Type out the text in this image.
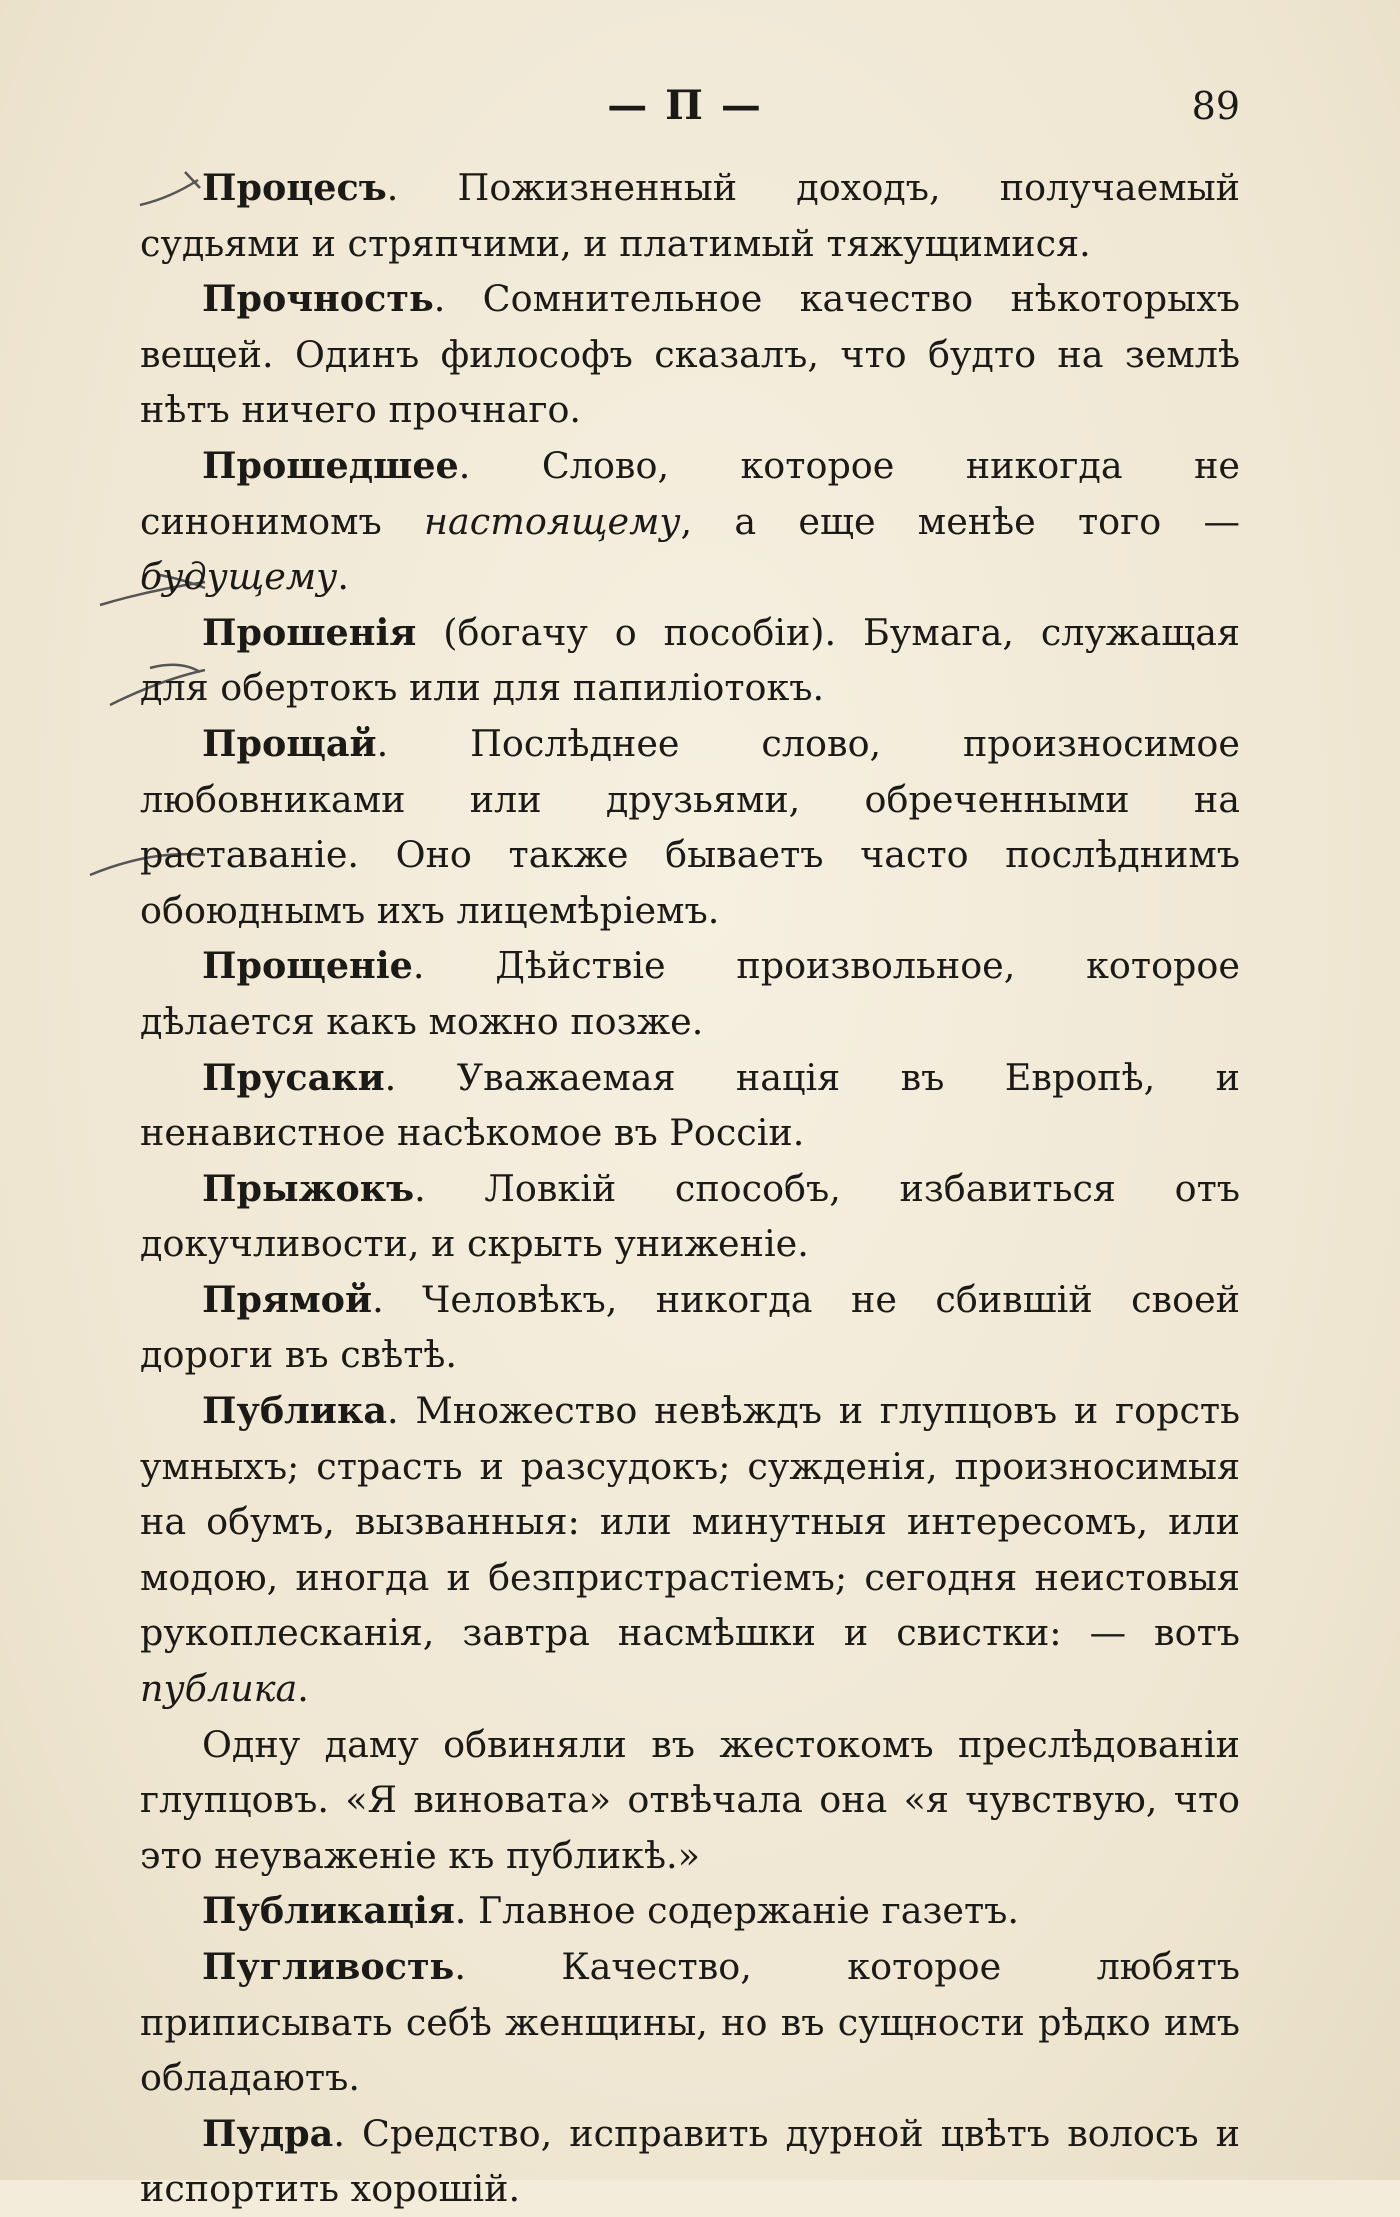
— П —	89

Процесъ. Пожизненный доходъ, получаемый судьями и стряпчими, и платимый тяжущимися.

Прочность. Сомнительное качество нѣкоторыхъ вещей. Одинъ философъ сказалъ, что будто на землѣ нѣтъ ничего прочнаго.

Прошедшее. Слово, которое никогда не синонимомъ настоящему, а еще менѣе того — будущему.

Прошенія (богачу о пособіи). Бумага, служащая для обертокъ или для папиліотокъ.

Прощай. Послѣднее слово, произносимое любовниками или друзьями, обреченными на раставаніе. Оно также бываетъ часто послѣднимъ обоюднымъ ихъ лицемѣріемъ.

Прощеніе. Дѣйствіе произвольное, которое дѣлается какъ можно позже.

Прусаки. Уважаемая нація въ Европѣ, и ненавистное насѣкомое въ Россіи.

Прыжокъ. Ловкій способъ, избавиться отъ докучливости, и скрыть униженіе.

Прямой. Человѣкъ, никогда не сбившій своей дороги въ свѣтѣ.

Публика. Множество невѣждъ и глупцовъ и горсть умныхъ; страсть и разсудокъ; сужденія, произносимыя на обумъ, вызванныя: или минутныя интересомъ, или модою, иногда и безпристрастіемъ; сегодня неистовыя рукоплесканія, завтра насмѣшки и свистки: — вотъ публика.

Одну даму обвиняли въ жестокомъ преслѣдованіи глупцовъ. «Я виновата» отвѣчала она «я чувствую, что это неуваженіе къ публикѣ.»

Публикація. Главное содержаніе газетъ.

Пугливость. Качество, которое любятъ приписывать себѣ женщины, но въ сущности рѣдко имъ обладаютъ.

Пудра. Средство, исправить дурной цвѣтъ волосъ и испортить хорошій.
